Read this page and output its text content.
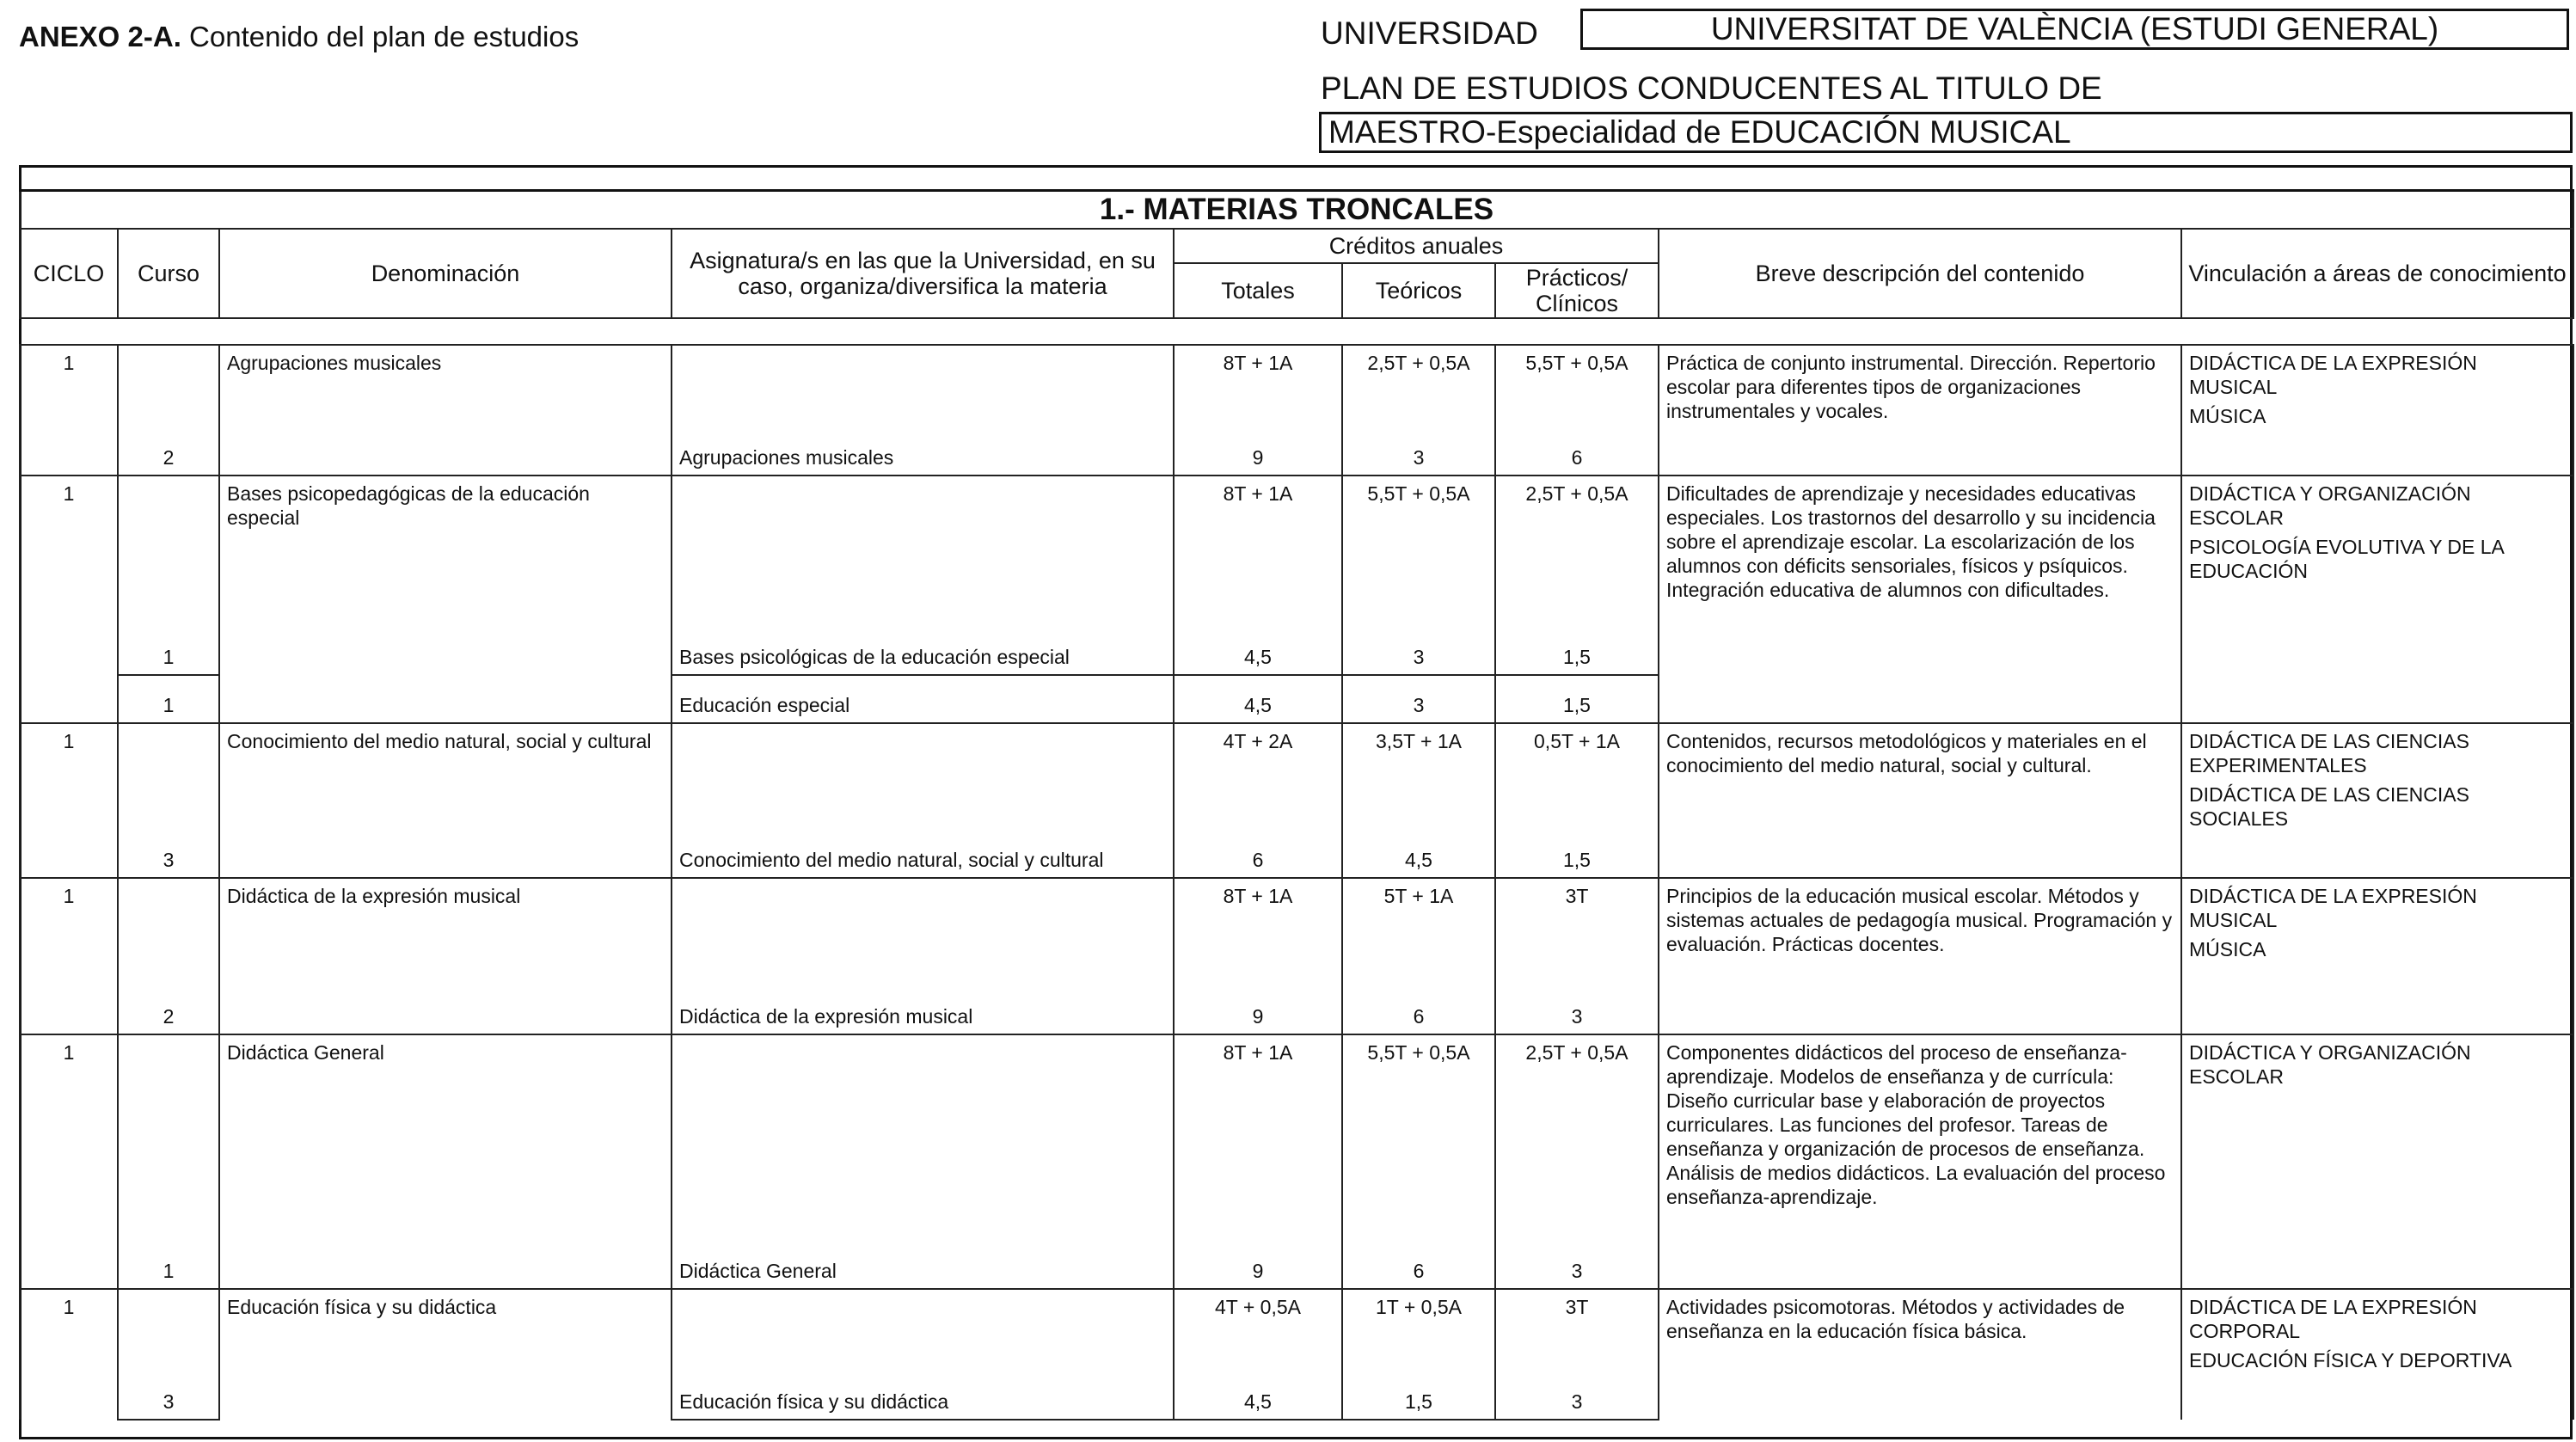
ANEXO 2-A. Contenido del plan de estudios	UNIVERSIDAD	UNIVERSITAT DE VALÈNCIA (ESTUDI GENERAL)
PLAN DE ESTUDIOS CONDUCENTES AL TITULO DE
MAESTRO-Especialidad de EDUCACIÓN MUSICAL
1.- MATERIAS TRONCALES								
CICLO	Curso	Denominación	Asignatura/s en las que la Universidad, en su caso, organiza/diversifica la materia	Créditos anuales			Breve descripción del contenido	Vinculación a áreas de conocimiento
				Totales	Teóricos	Prácticos/ Clínicos		
1		Agrupaciones musicales		8T + 1A	2,5T + 0,5A	5,5T + 0,5A	Práctica de conjunto instrumental. Dirección. Repertorio escolar para diferentes tipos de organizaciones instrumentales y vocales.	DIDÁCTICA DE LA EXPRESIÓN MUSICAL
MÚSICA

	2		Agrupaciones musicales	9	3	6		
1		Bases psicopedagógicas de la educación especial		8T + 1A	5,5T + 0,5A	2,5T + 0,5A	Dificultades de aprendizaje y necesidades educativas especiales. Los trastornos del desarrollo y su incidencia sobre el aprendizaje escolar. La escolarización de los alumnos con déficits sensoriales, físicos y psíquicos. Integración educativa de alumnos con dificultades.	DIDÁCTICA Y ORGANIZACIÓN ESCOLAR
PSICOLOGÍA EVOLUTIVA Y DE LA EDUCACIÓN

	1		Bases psicológicas de la educación especial	4,5	3	1,5		
	1		Educación especial	4,5	3	1,5		
1		Conocimiento del medio natural, social y cultural		4T + 2A	3,5T + 1A	0,5T + 1A	Contenidos, recursos metodológicos y materiales en el conocimiento del medio natural, social y cultural.	DIDÁCTICA DE LAS CIENCIAS EXPERIMENTALES
DIDÁCTICA DE LAS CIENCIAS SOCIALES

	3		Conocimiento del medio natural, social y cultural	6	4,5	1,5		
1		Didáctica de la expresión musical		8T + 1A	5T + 1A	3T	Principios de la educación musical escolar. Métodos y sistemas actuales de pedagogía musical. Programación y evaluación. Prácticas docentes.	DIDÁCTICA DE LA EXPRESIÓN MUSICAL
MÚSICA

	2		Didáctica de la expresión musical	9	6	3		
1		Didáctica General		8T + 1A	5,5T + 0,5A	2,5T + 0,5A	Componentes didácticos del proceso de enseñanza-aprendizaje. Modelos de enseñanza y de currícula: Diseño curricular base y elaboración de proyectos curriculares. Las funciones del profesor. Tareas de enseñanza y organización de procesos de enseñanza. Análisis de medios didácticos. La evaluación del proceso enseñanza-aprendizaje.	DIDÁCTICA Y ORGANIZACIÓN ESCOLAR

	1		Didáctica General	9	6	3		
1		Educación física y su didáctica		4T + 0,5A	1T + 0,5A	3T	Actividades psicomotoras. Métodos y actividades de enseñanza en la educación física básica.	DIDÁCTICA DE LA EXPRESIÓN CORPORAL
EDUCACIÓN FÍSICA Y DEPORTIVA

	3		Educación física y su didáctica	4,5	1,5	3		
